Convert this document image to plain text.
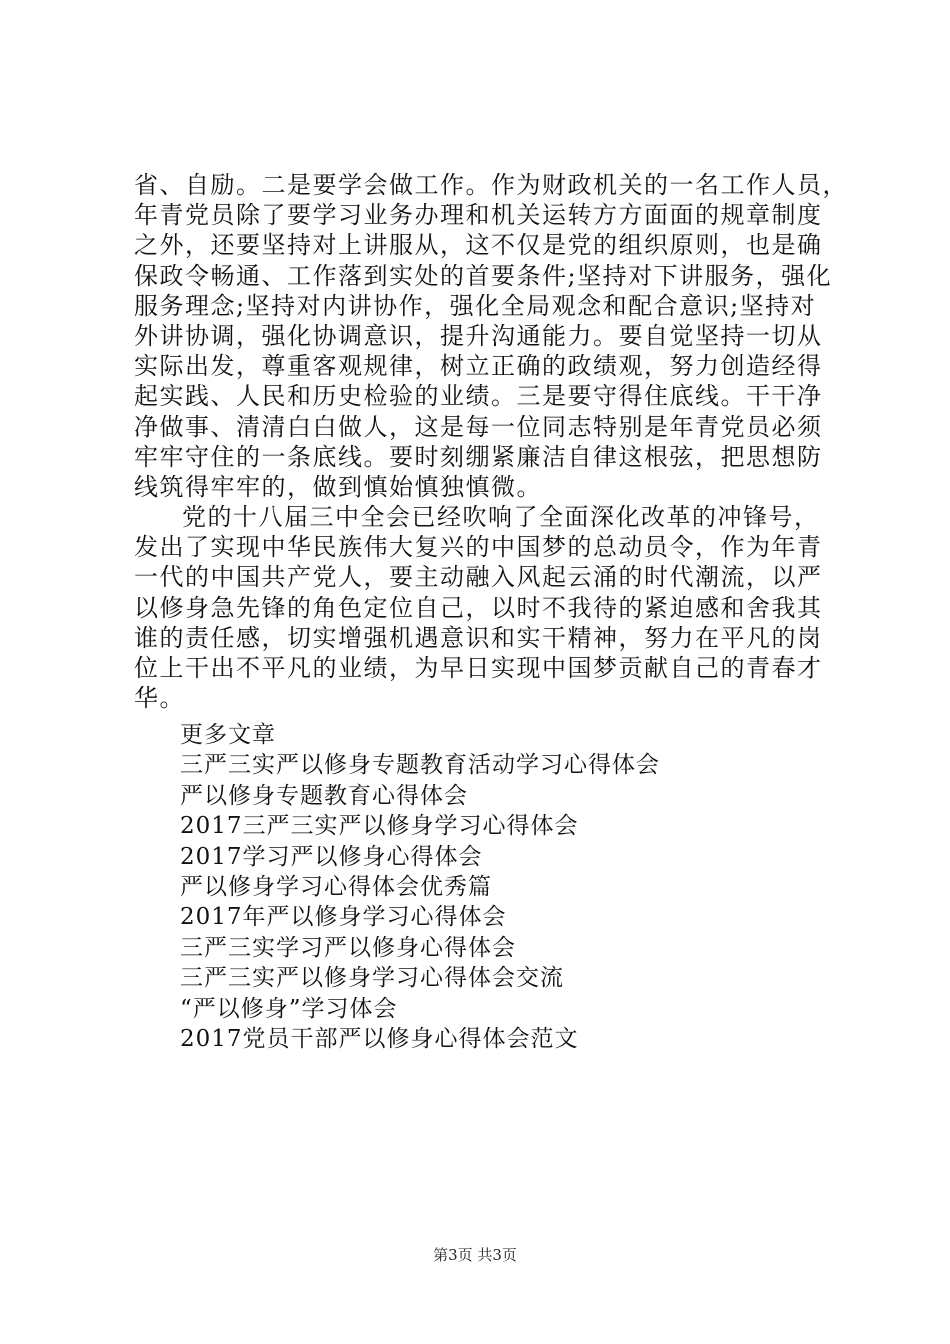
省、自励。二是要学会做工作。作为财政机关的一名工作人员，
年青党员除了要学习业务办理和机关运转方方面面的规章制度
之外，还要坚持对上讲服从，这不仅是党的组织原则，也是确
保政令畅通、工作落到实处的首要条件;坚持对下讲服务，强化
服务理念;坚持对内讲协作，强化全局观念和配合意识;坚持对
外讲协调，强化协调意识，提升沟通能力。要自觉坚持一切从
实际出发，尊重客观规律，树立正确的政绩观，努力创造经得
起实践、人民和历史检验的业绩。三是要守得住底线。干干净
净做事、清清白白做人，这是每一位同志特别是年青党员必须
牢牢守住的一条底线。要时刻绷紧廉洁自律这根弦，把思想防
线筑得牢牢的，做到慎始慎独慎微。
党的十八届三中全会已经吹响了全面深化改革的冲锋号，
发出了实现中华民族伟大复兴的中国梦的总动员令，作为年青
一代的中国共产党人，要主动融入风起云涌的时代潮流，以严
以修身急先锋的角色定位自己，以时不我待的紧迫感和舍我其
谁的责任感，切实增强机遇意识和实干精神，努力在平凡的岗
位上干出不平凡的业绩，为早日实现中国梦贡献自己的青春才
华。
更多文章
三严三实严以修身专题教育活动学习心得体会
严以修身专题教育心得体会
2017三严三实严以修身学习心得体会
2017学习严以修身心得体会
严以修身学习心得体会优秀篇
2017年严以修身学习心得体会
三严三实学习严以修身心得体会
三严三实严以修身学习心得体会交流
“严以修身”学习体会
2017党员干部严以修身心得体会范文
第3页 共3页
